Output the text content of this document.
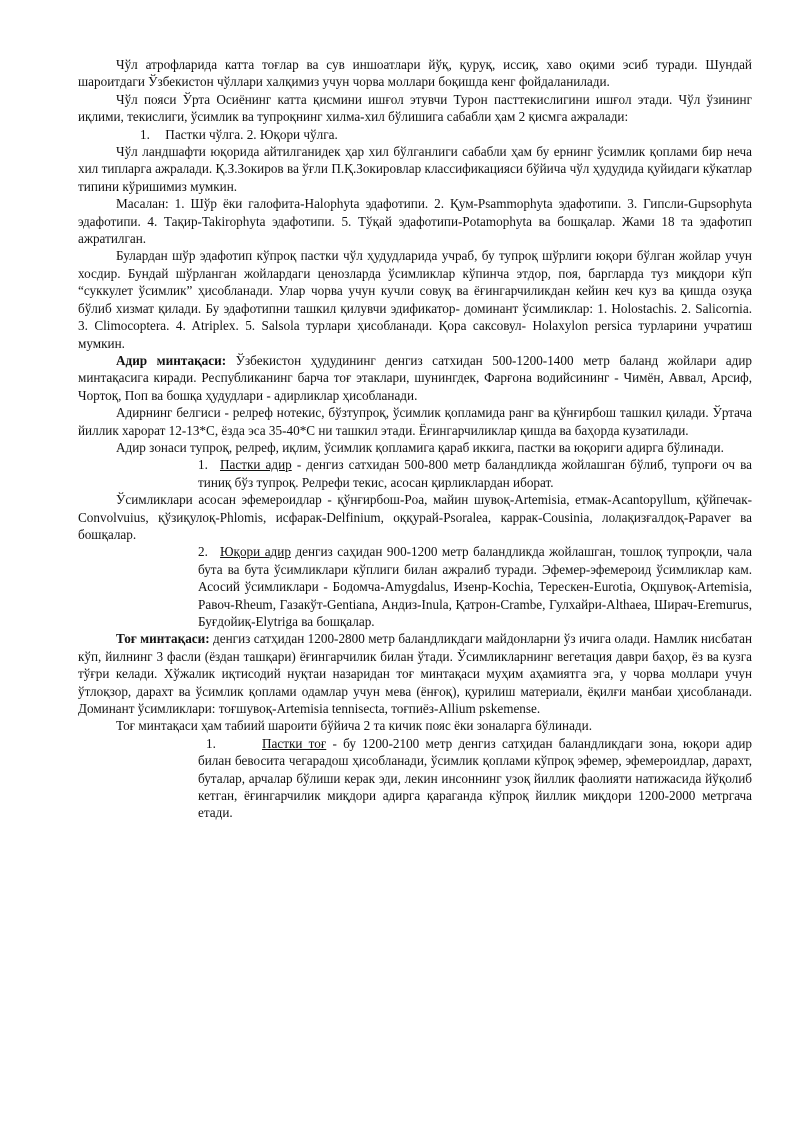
Чўл атрофларида катта тоғлар ва сув иншоатлари йўқ, қуруқ, иссиқ, хаво оқими эсиб туради. Шундай шароитдаги Ўзбекистон чўллари халқимиз учун чорва моллари боқишда кенг фойдаланилади.

Чўл пояси Ўрта Осиёнинг катта қисмини ишғол этувчи Турон пасттекислигини ишғол этади. Чўл ўзининг иқлими, текислиги, ўсимлик ва тупроқнинг хилма-хил бўлишига сабабли ҳам 2 қисмга ажралади:

1. Пастки чўлга. 2. Юқори чўлга.

Чўл ландшафти юқорида айтилганидек ҳар хил бўлганлиги сабабли ҳам бу ернинг ўсимлик қоплами бир неча хил типларга ажралади. Қ.З.Зокиров ва ўғли П.Қ.Зокировлар классификацияси бўйича чўл ҳудудида қуйидаги кўкатлар типини кўришимиз мумкин.

Масалан: 1. Шўр ёки галофита-Halophyta эдафотипи. 2. Қум-Psammophyta эдафотипи. 3. Гипсли-Gupsophyta эдафотипи. 4. Тақир-Takirophyta эдафотипи. 5. Тўқай эдафотипи-Potamophyta ва бошқалар. Жами 18 та эдафотип ажратилган.

Булардан шўр эдафотип кўпроқ пастки чўл ҳудудларида учраб, бу тупроқ шўрлиги юқори бўлган жойлар учун хосдир. Бундай шўрланган жойлардаги ценозларда ўсимликлар кўпинча этдор, поя, баргларда туз миқдори кўп “суккулет ўсимлик” ҳисобланади. Улар чорва учун кучли совуқ ва ёғингарчиликдан кейин кеч куз ва қишда озуқа бўлиб хизмат қилади. Бу эдафотипни ташкил қилувчи эдификатор- доминант ўсимликлар: 1. Holostachis. 2. Salicornia. 3. Climocoptera. 4. Atriplex. 5. Salsola турлари ҳисобланади. Қора саксовул- Holaxylon persica турларини учратиш мумкин.

Адир минтақаси: Ўзбекистон ҳудудининг денгиз сатхидан 500-1200-1400 метр баланд жойлари адир минтақасига киради. Республиканинг барча тоғ этаклари, шунингдек, Фарғона водийсининг - Чимён, Аввал, Арсиф, Чортоқ, Поп ва бошқа ҳудудлари - адирликлар ҳисобланади.

Адирнинг белгиси - релреф нотекис, бўзтупроқ, ўсимлик қопламида ранг ва қўнғирбош ташкил қилади. Ўртача йиллик харорат 12-13*С, ёзда эса 35-40*С ни ташкил этади. Ёғингарчиликлар қишда ва баҳорда кузатилади.

Адир зонаси тупроқ, релреф, иқлим, ўсимлик қопламига қараб иккига, пастки ва юқориги адирга бўлинади.

1. Пастки адир - денгиз сатхидан 500-800 метр баландликда жойлашган бўлиб, тупроғи оч ва тиниқ бўз тупроқ. Релрефи текис, асосан қирликлардан иборат.

Ўсимликлари асосан эфемероидлар - қўнғирбош-Poa, майин шувоқ-Artemisia, етмак-Acantopyllum, қўйпечак-Convolvuius, қўзиқулоқ-Phlomis, исфарак-Delfinium, оққурай-Psoralea, каррак-Cousinia, лолақизғалдоқ-Papaver ва бошқалар.

2. Юқори адир денгиз саҳидан 900-1200 метр баландликда жойлашган, тошлоқ тупроқли, чала бута ва бута ўсимликлари кўплиги билан ажралиб туради. Эфемер-эфемероид ўсимликлар кам. Асосий ўсимликлари - Бодомча-Amygdalus, Изенр-Kochia, Терескен-Eurotia, Оқшувоқ-Artemisia, Равоч-Rheum, Газакўт-Gentiana, Андиз-Inula, Қатрон-Crambe, Гулхайри-Althaea, Ширач-Eremurus, Буғдойиқ-Elytriga ва бошқалар.

Тоғ минтақаси: денгиз сатҳидан 1200-2800 метр баландликдаги майдонларни ўз ичига олади. Намлик нисбатан кўп, йилнинг 3 фасли (ёздан ташқари) ёғингарчилик билан ўтади. Ўсимликларнинг вегетация даври баҳор, ёз ва кузга тўғри келади. Хўжалик иқтисодий нуқтаи назаридан тоғ минтақаси муҳим аҳамиятга эга, у чорва моллари учун ўтлоқзор, дарахт ва ўсимлик қоплами одамлар учун мева (ёнғоқ), қурилиш материали, ёқилғи манбаи ҳисобланади. Доминант ўсимликлари: тоғшувоқ-Artemisia tennisecta, тоғпиёз-Allium pskemense.

Тоғ минтақаси ҳам табиий шароити бўйича 2 та кичик пояс ёки зоналарга бўлинади.

1.	Пастки тоғ - бу 1200-2100 метр денгиз сатҳидан баландликдаги зона, юқори адир билан бевосита чегарадош ҳисобланади, ўсимлик қоплами кўпроқ эфемер, эфемероидлар, дарахт, буталар, арчалар бўлиши керак эди, лекин инсоннинг узоқ йиллик фаолияти натижасида йўқолиб кетган, ёғингарчилик миқдори адирга қараганда кўпроқ йиллик миқдори 1200-2000 метргача етади.
